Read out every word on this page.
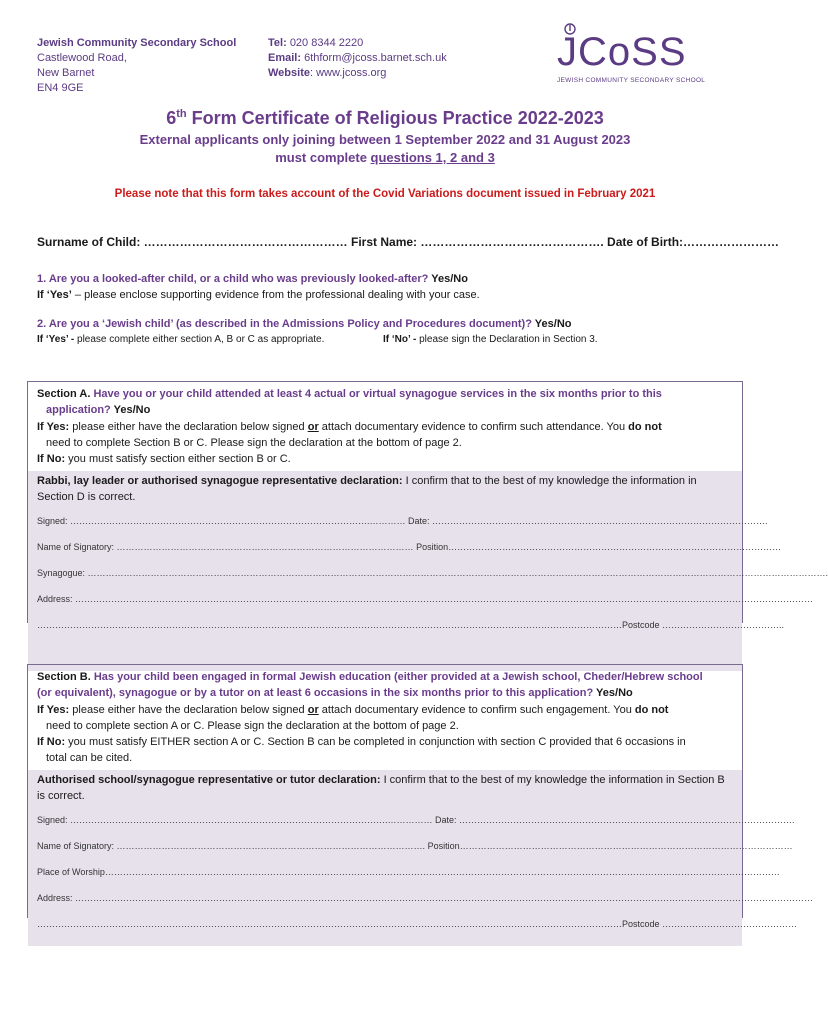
Jewish Community Secondary School
Castlewood Road,
New Barnet
EN4 9GE
Tel: 020 8344 2220
Email: 6thform@jcoss.barnet.sch.uk
Website: www.jcoss.org	JCoSS
JEWISH COMMUNITY SECONDARY SCHOOL
6th Form Certificate of Religious Practice 2022-2023
External applicants only joining between 1 September 2022 and 31 August 2023
must complete questions 1, 2 and 3
Please note that this form takes account of the Covid Variations document issued in February 2021
Surname of Child: …………………………………………… First Name: ………………………………………. Date of Birth:……………………
1. Are you a looked-after child, or a child who was previously looked-after? Yes/No
If ‘Yes’ – please enclose supporting evidence from the professional dealing with your case.
2. Are you a ‘Jewish child’ (as described in the Admissions Policy and Procedures document)? Yes/No
If ‘Yes’ - please complete either section A, B or C as appropriate.	If ‘No’ - please sign the Declaration in Section 3.
Section A. Have you or your child attended at least 4 actual or virtual synagogue services in the six months prior to this
application? Yes/No
If Yes: please either have the declaration below signed or attach documentary evidence to confirm such attendance. You do not
need to complete Section B or C. Please sign the declaration at the bottom of page 2.
If No: you must satisfy section either section B or C.
Rabbi, lay leader or authorised synagogue representative declaration: I confirm that to the best of my knowledge the information in Section D is correct.
Signed: ……………………………………………………………………………………….………… Date: ………………………………………………………………………………………………….
Name of Signatory: ……………………………………………………………………………………… Position…………………………………………………………………………………………………
Synagogue: ………………………………………………………………………………………………………………………………………………………………………………………………………………………….
Address: …………………………………………………………………………………………………………………………………………………………………………………………………………………………
……………………………………………………………………………………………………………………………………………………………………………Postcode …………………………………..
Section B. Has your child been engaged in formal Jewish education (either provided at a Jewish school, Cheder/Hebrew school
(or equivalent), synagogue or by a tutor on at least 6 occasions in the six months prior to this application? Yes/No
If Yes: please either have the declaration below signed or attach documentary evidence to confirm such engagement. You do not
need to complete section A or C. Please sign the declaration at the bottom of page 2.
If No: you must satisfy EITHER section A or C. Section B can be completed in conjunction with section C provided that 6 occasions in
total can be cited.
Authorised school/synagogue representative or tutor declaration: I confirm that to the best of my knowledge the information in Section B is correct.
Signed: …………………………………………………………………………………………….…………… Date: ………………………………………………………………………………………………….
Name of Signatory: …………………………………………………………………………………………. Position…………………………………………………………………………………………………
Place of Worship………………………………………………………………………………………………………………………………………………………………………………………………………
Address: …………………………………………………………………………………………………………………………………………………………………………………………………………………………
……………………………………………………………………………………………………………………………………………………………………………Postcode ………………………………………
